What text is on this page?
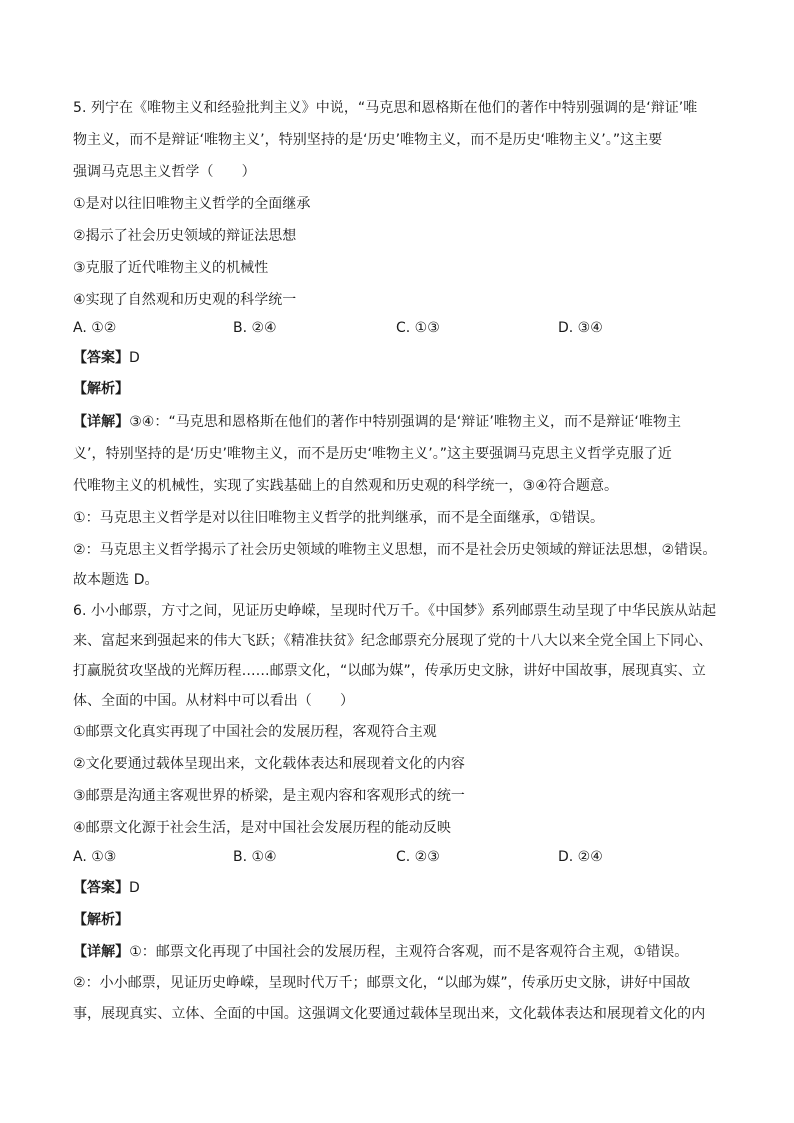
5. 列宁在《唯物主义和经验批判主义》中说，“马克思和恩格斯在他们的著作中特别强调的是‘辩证’唯
物主义，而不是辩证‘唯物主义’，特别坚持的是‘历史’唯物主义，而不是历史‘唯物主义’。”这主要
强调马克思主义哲学（　　）
①是对以往旧唯物主义哲学的全面继承
②揭示了社会历史领域的辩证法思想
③克服了近代唯物主义的机械性
④实现了自然观和历史观的科学统一
A. ①②	B. ②④	C. ①③	D. ③④
【答案】D
【解析】
【详解】③④：“马克思和恩格斯在他们的著作中特别强调的是‘辩证’唯物主义，而不是辩证‘唯物主
义’，特别坚持的是‘历史’唯物主义，而不是历史‘唯物主义’。”这主要强调马克思主义哲学克服了近
代唯物主义的机械性，实现了实践基础上的自然观和历史观的科学统一，③④符合题意。
①：马克思主义哲学是对以往旧唯物主义哲学的批判继承，而不是全面继承，①错误。
②：马克思主义哲学揭示了社会历史领域的唯物主义思想，而不是社会历史领域的辩证法思想，②错误。
故本题选 D。
6. 小小邮票，方寸之间，见证历史峥嵘，呈现时代万千。《中国梦》系列邮票生动呈现了中华民族从站起
来、富起来到强起来的伟大飞跃；《精准扶贫》纪念邮票充分展现了党的十八大以来全党全国上下同心、
打赢脱贫攻坚战的光辉历程……邮票文化，“以邮为媒”，传承历史文脉，讲好中国故事，展现真实、立
体、全面的中国。从材料中可以看出（　　）
①邮票文化真实再现了中国社会的发展历程，客观符合主观
②文化要通过载体呈现出来，文化载体表达和展现着文化的内容
③邮票是沟通主客观世界的桥梁，是主观内容和客观形式的统一
④邮票文化源于社会生活，是对中国社会发展历程的能动反映
A. ①③	B. ①④	C. ②③	D. ②④
【答案】D
【解析】
【详解】①：邮票文化再现了中国社会的发展历程，主观符合客观，而不是客观符合主观，①错误。
②：小小邮票，见证历史峥嵘，呈现时代万千；邮票文化，“以邮为媒”，传承历史文脉，讲好中国故
事，展现真实、立体、全面的中国。这强调文化要通过载体呈现出来，文化载体表达和展现着文化的内
